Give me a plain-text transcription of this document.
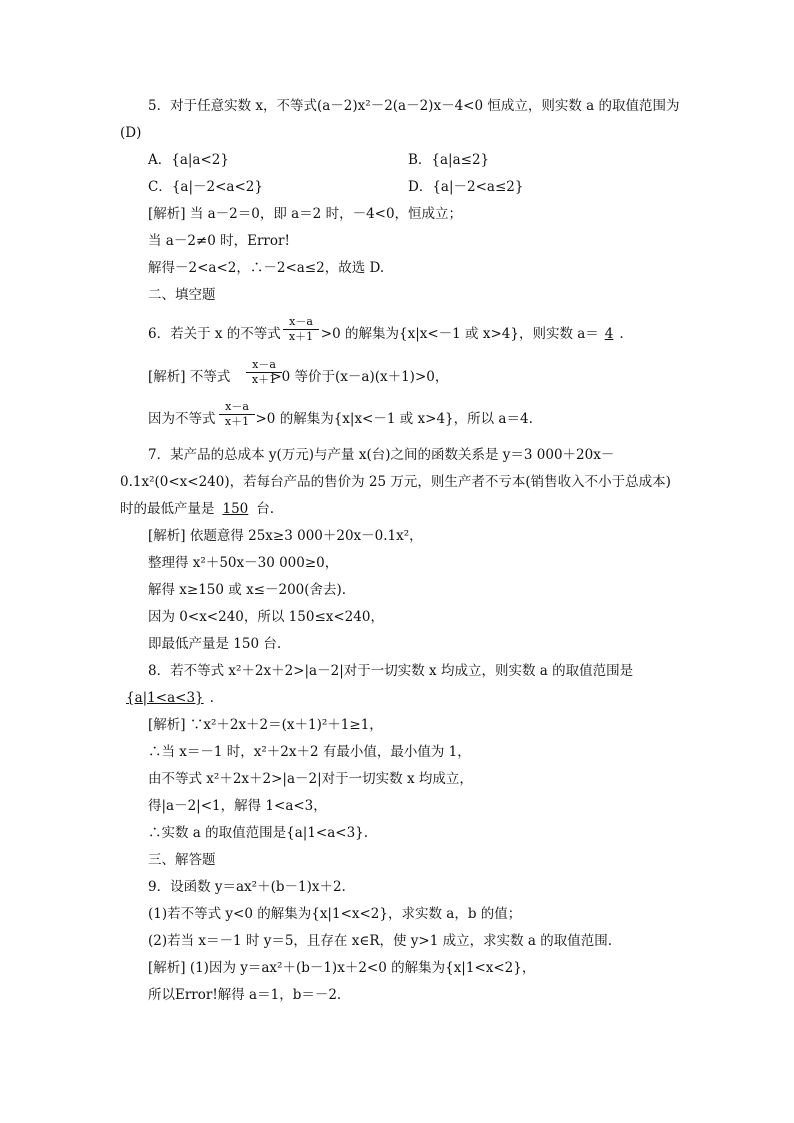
5．对于任意实数 x，不等式(a－2)x²－2(a－2)x－4<0 恒成立，则实数 a 的取值范围为
(D)
A．{a|a<2}	B．{a|a≤2}
C．{a|－2<a<2}	D．{a|－2<a≤2}
[解析] 当 a－2＝0，即 a＝2 时，－4<0，恒成立；
当 a－2≠0 时，Error!
解得－2<a<2，∴－2<a≤2，故选 D.
二、填空题
6．若关于 x 的不等式	>0 的解集为{x|x<－1 或 x>4}，则实数 a＝ 4 .
$\frac{x-a}{x+1}$
[解析] 不等式	>0 等价于(x－a)(x＋1)>0，
$\frac{x-a}{x+1}$
因为不等式	>0 的解集为{x|x<－1 或 x>4}，所以 a＝4.
$\frac{x-a}{x+1}$
7．某产品的总成本 y(万元)与产量 x(台)之间的函数关系是 y＝3 000＋20x－
0.1x²(0<x<240)，若每台产品的售价为 25 万元，则生产者不亏本(销售收入不小于总成本)
时的最低产量是 150 台.
[解析] 依题意得 25x≥3 000＋20x－0.1x²，
整理得 x²＋50x－30 000≥0，
解得 x≥150 或 x≤－200(舍去).
因为 0<x<240，所以 150≤x<240，
即最低产量是 150 台.
8．若不等式 x²＋2x＋2>|a－2|对于一切实数 x 均成立，则实数 a 的取值范围是
{a|1<a<3} .
[解析] ∵x²＋2x＋2＝(x＋1)²＋1≥1，
∴当 x＝－1 时，x²＋2x＋2 有最小值，最小值为 1，
由不等式 x²＋2x＋2>|a－2|对于一切实数 x 均成立，
得|a－2|<1，解得 1<a<3，
∴实数 a 的取值范围是{a|1<a<3}.
三、解答题
9．设函数 y＝ax²＋(b－1)x＋2.
(1)若不等式 y<0 的解集为{x|1<x<2}，求实数 a，b 的值；
(2)若当 x＝－1 时 y＝5，且存在 x∈R，使 y>1 成立，求实数 a 的取值范围.
[解析] (1)因为 y＝ax²＋(b－1)x＋2<0 的解集为{x|1<x<2}，
所以Error!解得 a＝1，b＝－2.
